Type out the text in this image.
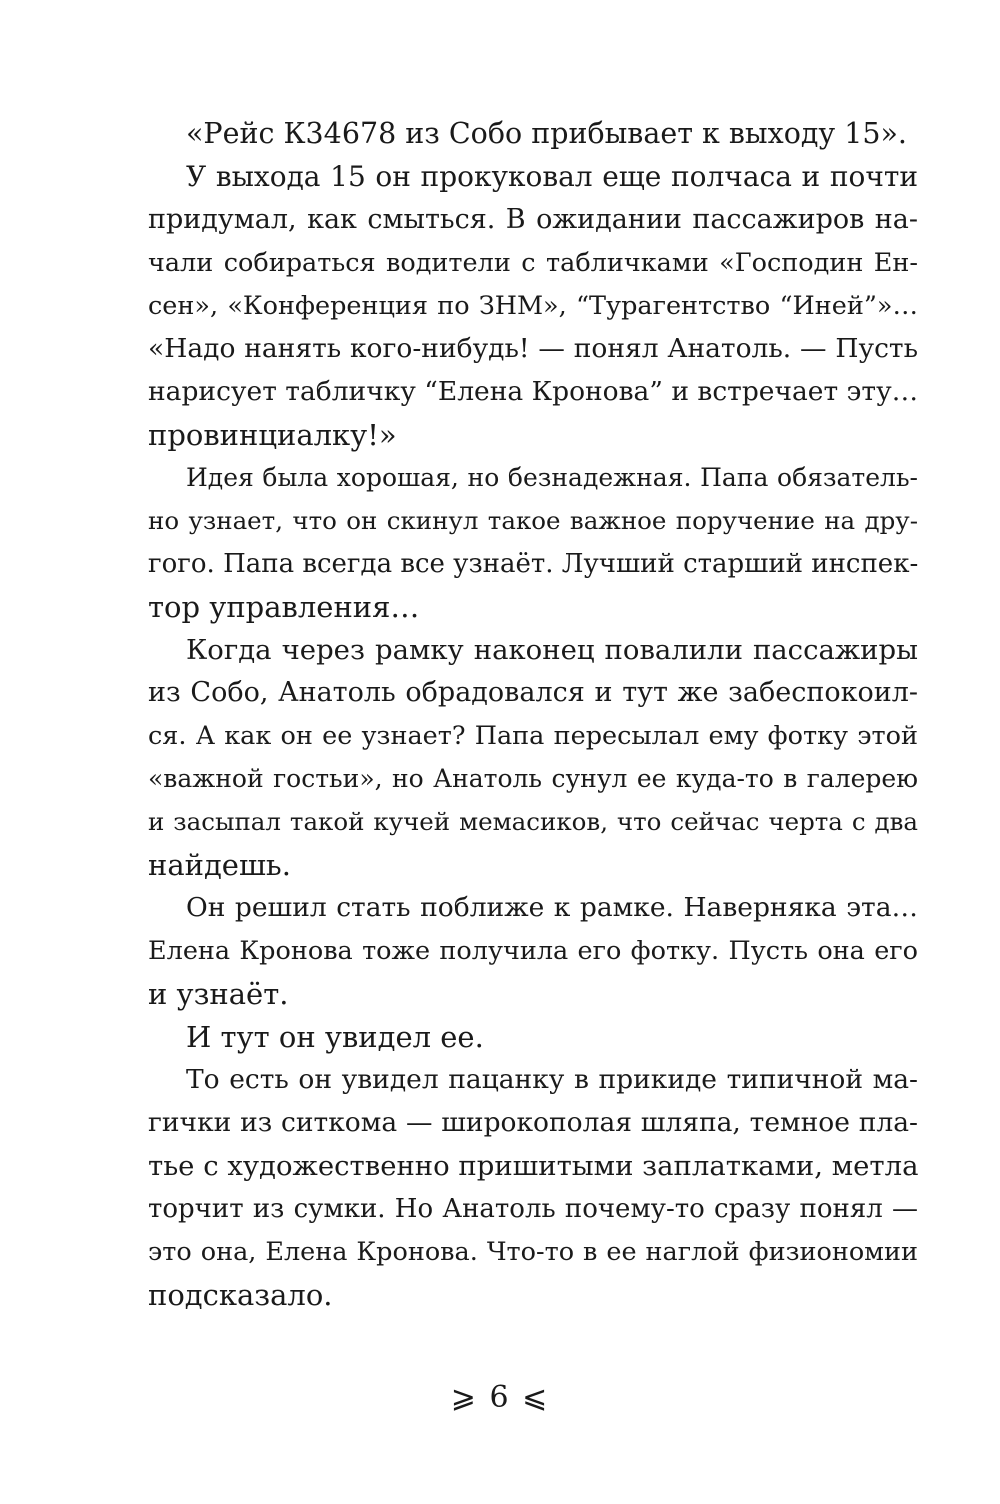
«Рейс К34678 из Собо прибывает к выходу 15».
У выхода 15 он прокуковал еще полчаса и почти
придумал, как смыться. В ожидании пассажиров на-
чали собираться водители с табличками «Господин Ен-
сен», «Конференция по ЗНМ», “Турагентство “Иней”»…
«Надо нанять кого-нибудь! — понял Анатоль. — Пусть
нарисует табличку “Елена Кронова” и встречает эту…
провинциалку!»
Идея была хорошая, но безнадежная. Папа обязатель-
но узнает, что он скинул такое важное поручение на дру-
гого. Папа всегда все узнаёт. Лучший старший инспек-
тор управления…
Когда через рамку наконец повалили пассажиры
из Собо, Анатоль обрадовался и тут же забеспокоил-
ся. А как он ее узнает? Папа пересылал ему фотку этой
«важной гостьи», но Анатоль сунул ее куда-то в галерею
и засыпал такой кучей мемасиков, что сейчас черта с два
найдешь.
Он решил стать поближе к рамке. Наверняка эта…
Елена Кронова тоже получила его фотку. Пусть она его
и узнаёт.
И тут он увидел ее.
То есть он увидел пацанку в прикиде типичной ма-
гички из ситкома — широкополая шляпа, темное пла-
тье с художественно пришитыми заплатками, метла
торчит из сумки. Но Анатоль почему-то сразу понял —
это она, Елена Кронова. Что-то в ее наглой физиономии
подсказало.
⩾ 6 ⩽
